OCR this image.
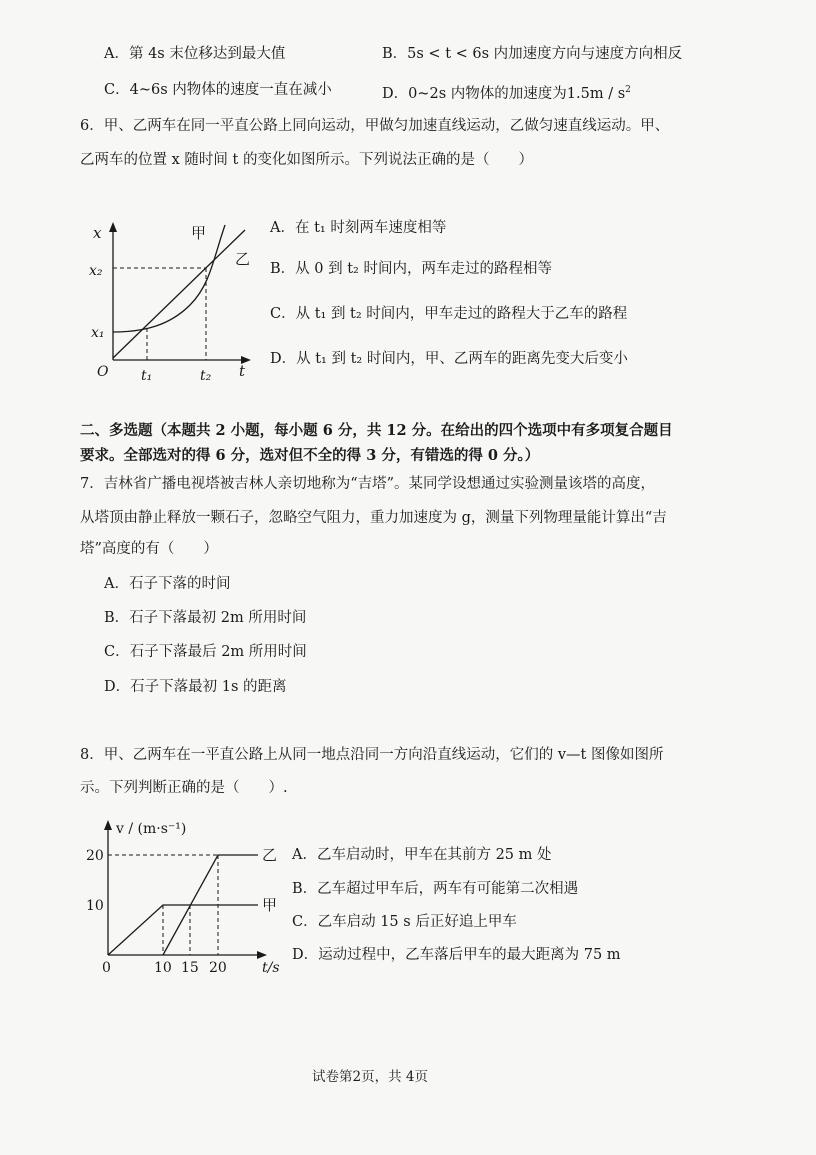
A．第 4s 末位移达到最大值	B．5s < t < 6s 内加速度方向与速度方向相反
C．4~6s 内物体的速度一直在减小	D．0~2s 内物体的加速度为$1.5m / s^2$
6．甲、乙两车在同一平直公路上同向运动，甲做匀加速直线运动，乙做匀速直线运动。甲、
乙两车的位置 x 随时间 t 的变化如图所示。下列说法正确的是（　　）
x
x₂
x₁
O t₁	t₂ t
甲
乙
A．在 t₁ 时刻两车速度相等
B．从 0 到 t₂ 时间内，两车走过的路程相等
C．从 t₁ 到 t₂ 时间内，甲车走过的路程大于乙车的路程
D．从 t₁ 到 t₂ 时间内，甲、乙两车的距离先变大后变小
二、多选题（本题共 2 小题，每小题 6 分，共 12 分。在给出的四个选项中有多项复合题目
要求。全部选对的得 6 分，选对但不全的得 3 分，有错选的得 0 分。）
7．吉林省广播电视塔被吉林人亲切地称为“吉塔”。某同学设想通过实验测量该塔的高度，
从塔顶由静止释放一颗石子，忽略空气阻力，重力加速度为 g，测量下列物理量能计算出“吉
塔”高度的有（　　）
A．石子下落的时间
B．石子下落最初 2m 所用时间
C．石子下落最后 2m 所用时间
D．石子下落最初 1s 的距离
8．甲、乙两车在一平直公路上从同一地点沿同一方向沿直线运动，它们的 v—t 图像如图所
示。下列判断正确的是（　　）.
v / (m·s⁻¹)
20
10
0	10 15 20	t/s
乙
甲
A．乙车启动时，甲车在其前方 25 m 处
B．乙车超过甲车后，两车有可能第二次相遇
C．乙车启动 15 s 后正好追上甲车
D．运动过程中，乙车落后甲车的最大距离为 75 m
试卷第2页，共 4页
